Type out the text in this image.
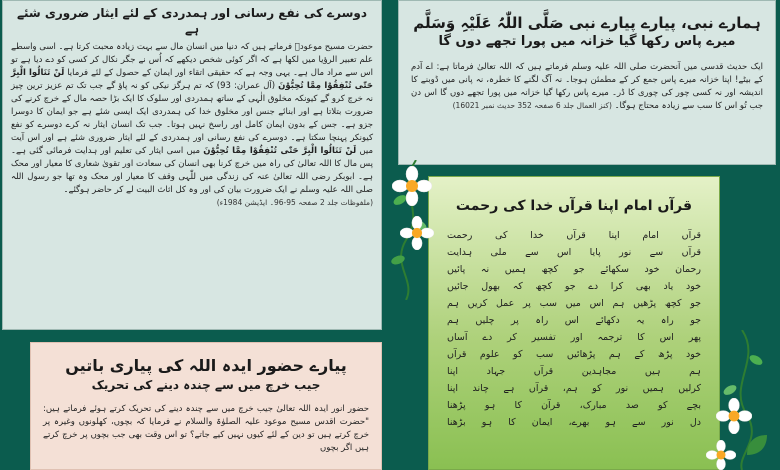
دوسرے کی نفع رسانی اور ہمدردی کے لئے ایثار ضروری شئے ہے

حضرت مسیح موعودؑ فرماتے ہیں کہ دنیا میں انسان مال سے بہت زیادہ محبت کرتا ہے۔ اسی واسطے علم تعبیر الرؤیا میں لکھا ہے کہ اگر کوئی شخص دیکھے کہ اُس نے جگر نکال کر کسی کو دے دیا ہے تو اس سے مراد مال ہے۔ یہی وجہ ہے کہ حقیقی اتقاء اور ایمان کے حصول کے لئے فرمایا لَنْ تَنَالُوا الْبِرَّ حَتّٰى تُنْفِقُوْا مِمَّا تُحِبُّوْنَ (آل عمران: 93) کہ تم ہرگز نیکی کو نہ پاؤ گے جب تک تم عزیز ترین چیز نہ خرچ کرو گے کیونکہ مخلوق الٰہی کے ساتھ ہمدردی اور سلوک کا ایک بڑا حصہ مال کے خرچ کرنے کی ضرورت بتلاتا ہے اور ابنائے جنس اور مخلوق خدا کی ہمدردی ایک ایسی شئے ہے جو ایمان کا دوسرا جزو ہے۔ جس کے بدون ایمان کامل اور راسخ نہیں ہوتا۔ جب تک انسان ایثار نہ کرے دوسرے کو نفع کیونکر پہنچا سکتا ہے۔ دوسرے کی نفع رسانی اور ہمدردی کے لئے ایثار ضروری شئے ہے اور اس آیت میں لَنْ تَنَالُوا الْبِرَّ حَتّٰى تُنْفِقُوْا مِمَّا تُحِبُّوْنَ میں اسی ایثار کی تعلیم اور ہدایت فرمائی گئی ہے۔ پس مال کا اللہ تعالیٰ کی راہ میں خرچ کرنا بھی انسان کی سعادت اور تقویٰ شعاری کا معیار اور محک ہے۔ ابوبکر رضی اللہ تعالیٰ عنہ کی زندگی میں للّٰہی وقف کا معیار اور محک وہ تھا جو رسول اللہ صلی اللہ علیہ وسلم نے ایک ضرورت بیان کی اور وہ کل اثاث البیت لے کر حاضر ہوگئے۔
(ملفوظات جلد 2 صفحہ 95-96۔ ایڈیشن 1984ء)
ہمارے نبی، پیارے پیارے نبی صَلَّی اللّٰہُ عَلَیْہِ وَسَلَّم
میرے پاس رکھا گیا خزانہ میں پورا تجھے دوں گا
ایک حدیث قدسی میں آنحضرت صلی اللہ علیہ وسلم فرماتے ہیں کہ اللہ تعالیٰ فرماتا ہے: اے آدم کے بیٹے! اپنا خزانہ میرے پاس جمع کر کے مطمئن ہوجا۔ نہ آگ لگنے کا خطرہ، نہ پانی میں ڈوبنے کا اندیشہ اور نہ کسی چور کی چوری کا ڈر۔ میرے پاس رکھا گیا خزانہ میں پورا تجھے دوں گا اس دن جب تُو اس کا سب سے زیادہ محتاج ہوگا۔ (کنز العمال جلد 6 صفحہ 352 حدیث نمبر 16021)
پیارے حضور ایدہ اللہ کی پیاری باتیں
جیب خرچ میں سے چندہ دینے کی تحریک
حضور انور ایدہ اللہ تعالیٰ جیب خرچ میں سے چندہ دینے کی تحریک کرتے ہوئے فرماتے ہیں: "حضرت اقدس مسیح موعود علیہ الصلوٰۃ والسلام نے فرمایا کہ بچوں، کھلونوں وغیرہ پر خرچ کرتے ہیں تو دین کے لئے کیوں نہیں کیے جاتے؟ تو اس وقت بھی جب بچوں پر خرچ کرتے ہیں اگر بچوں
قرآں امام اپنا قرآں خدا کی رحمت
قرآں امام اپنا قرآں خدا کی رحمت
قرآں سے نور پایا اس سے ملی ہدایت
رحمان خود سکھائے جو کچھ ہمیں نہ پائیں
خود یاد بھی کرا دے جو کچھ کہ بھول جائیں
جو کچھ پڑھیں ہم اس میں سب پر عمل کریں ہم
جو راہ یہ دکھائے اس راہ پر چلیں ہم
پھر اس کا ترجمہ اور تفسیر کر دے آساں
خود پڑھ کے ہم پڑھائیں سب کو علوم قرآں
ہم ہیں مجاہدین قرآں جہاد اپنا
کرلیں ہمیں نور کو ہم، قرآں ہے چاند اپنا
بچے کو صد مبارک، قرآن کا ہو پڑھنا
دل نور سے ہو بھرے، ایمان کا ہو بڑھنا
